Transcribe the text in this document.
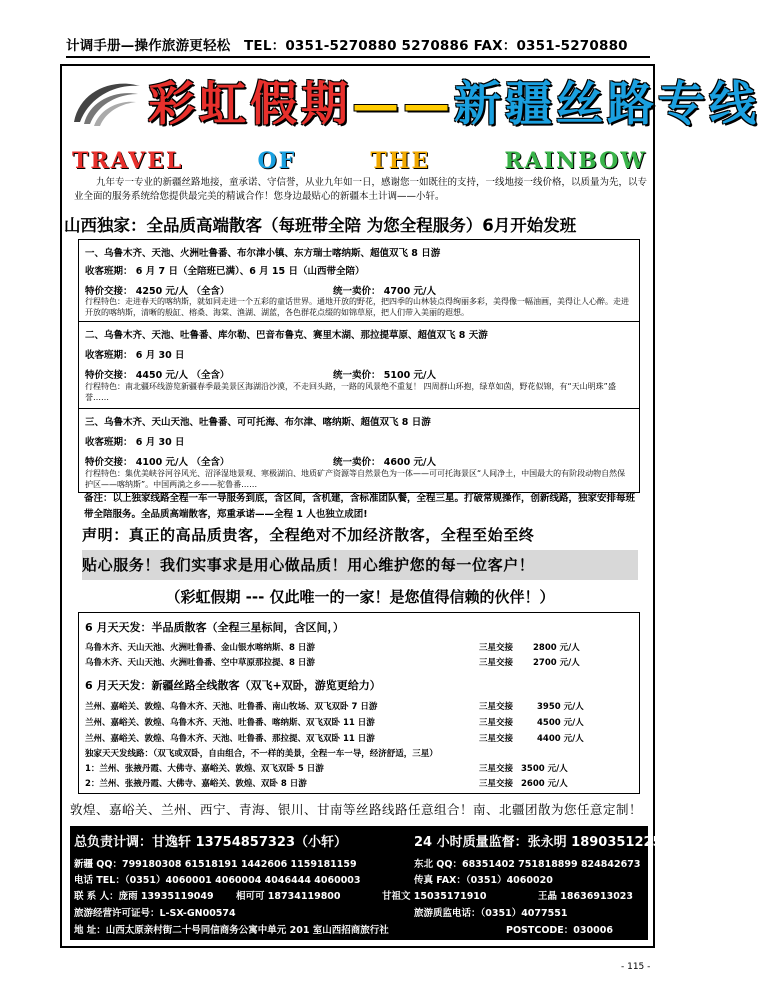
计调手册—操作旅游更轻松 TEL：0351-5270880 5270886 FAX：0351-5270880
彩虹假期——新疆丝路专线
TRAVEL	OF	THE	RAINBOW
九年专一专业的新疆丝路地接，童承诺、守信誉，从业九年如一日，感谢您一如既往的支持，一线地接一线价格，以质量为先，以专业全面的服务系统给您提供最完美的精诚合作！您身边最贴心的新疆本土计调——小轩。
山西独家：全品质高端散客（每班带全陪 为您全程服务）6月开始发班
一、乌鲁木齐、天池、火洲吐鲁番、布尔津小镇、东方瑞士喀纳斯、超值双飞 8 日游
收客班期： 6 月 7 日（全陪班已满）、6 月 15 日（山西带全陪）
特价交接： 4250 元/人 （全含）	统一卖价： 4700 元/人
行程特色：走进春天的喀纳斯，就如同走进一个五彩的童话世界。通地开放的野花，把四季的山林装点得绚丽多彩，美得像一幅油画，美得让人心醉。走进开放的喀纳斯，清晰的般缸、榕桑、海棠、渔湖、湖蓝，各色群花点缀的如锦草原，把人们带入美丽的遐想。
二、乌鲁木齐、天池、吐鲁番、库尔勒、巴音布鲁克、赛里木湖、那拉提草原、超值双飞 8 天游
收客班期： 6 月 30 日
特价交接： 4450 元/人 （全含）	统一卖价： 5100 元/人
行程特色：南北疆环线游览新疆春季最美景区海湖沿沙漠，不走回头路，一路的风景绝不重复！ 四周群山环抱，绿草如茵，野花似锦，有“天山明珠”盛誉……
三、乌鲁木齐、天山天池、吐鲁番、可可托海、布尔津、喀纳斯、超值双飞 8 日游
收客班期： 6 月 30 日
特价交接： 4100 元/人 （全含）	统一卖价： 4600 元/人
行程特色：集优美峡谷河谷风光、沼泽湿地景观、寒极湖泊、地质矿产资源等自然景色为一体——可可托海景区“人间净土，中国最大的有阶段动物自然保护区——喀纳斯”。中国两淌之乡——驼鲁番……
备注：以上独家线路全程一车一导服务到底，含区间，含机建，含标准团队餐，全程三星。打破常规操作，创新线路，独家安排每班带全陪服务。全品质高端散客，郑重承诺——全程 1 人也独立成团!
声明：真正的高品质贵客，全程绝对不加经济散客，全程至始至终
贴心服务！我们实事求是用心做品质！用心维护您的每一位客户！
（彩虹假期 --- 仅此唯一的一家！是您值得信赖的伙伴！）
6 月天天发：半品质散客（全程三星标间，含区间，）
乌鲁木齐、天山天池、火洲吐鲁番、金山银水喀纳斯、8 日游	三星交接 2800 元/人
乌鲁木齐、天山天池、火洲吐鲁番、空中草原那拉提、8 日游	三星交接 2700 元/人
6 月天天发：新疆丝路全线散客（双飞+双卧，游览更给力）
兰州、嘉峪关、敦煌、乌鲁木齐、天池、吐鲁番、南山牧场、双飞双卧 7 日游	三星交接	3950 元/人
兰州、嘉峪关、敦煌、乌鲁木齐、天池、吐鲁番、喀纳斯、双飞双卧 11 日游	三星交接	4500 元/人
兰州、嘉峪关、敦煌、乌鲁木齐、天池、吐鲁番、那拉提、双飞双卧 11 日游	三星交接	4400 元/人
独家天天发线路：（双飞或双卧，自由组合，不一样的美景，全程一车一导，经济舒适，三星）
1：兰州、张掖丹霞、大佛寺、嘉峪关、敦煌、双飞双卧 5 日游	三星交接 3500 元/人
2：兰州、张掖丹霞、大佛寺、嘉峪关、敦煌、双卧 8 日游	三星交接 2600 元/人
敦煌、嘉峪关、兰州、西宁、青海、银川、甘南等丝路线路任意组合！南、北疆团散为您任意定制！
总负责计调：甘逸轩 13754857323（小轩）	24 小时质量监督：张永明 18903512258
新疆 QQ：799180308 61518191 1442606 1159181159	东北 QQ：68351402 751818899 824842673
电话 TEL：（0351）4060001 4060004 4046444 4060003	传真 FAX：（0351）4060020
联 系 人：庞雨 13935119049 相可可 18734119800	甘祖文 15035171910	王晶 18636913023
旅游经营许可证号：L-SX-GN00574	旅游质监电话：（0351）4077551
地 址：山西太原亲村街二十号同信商务公寓中单元 201 室山西招商旅行社	POSTCODE：030006
- 115 -
